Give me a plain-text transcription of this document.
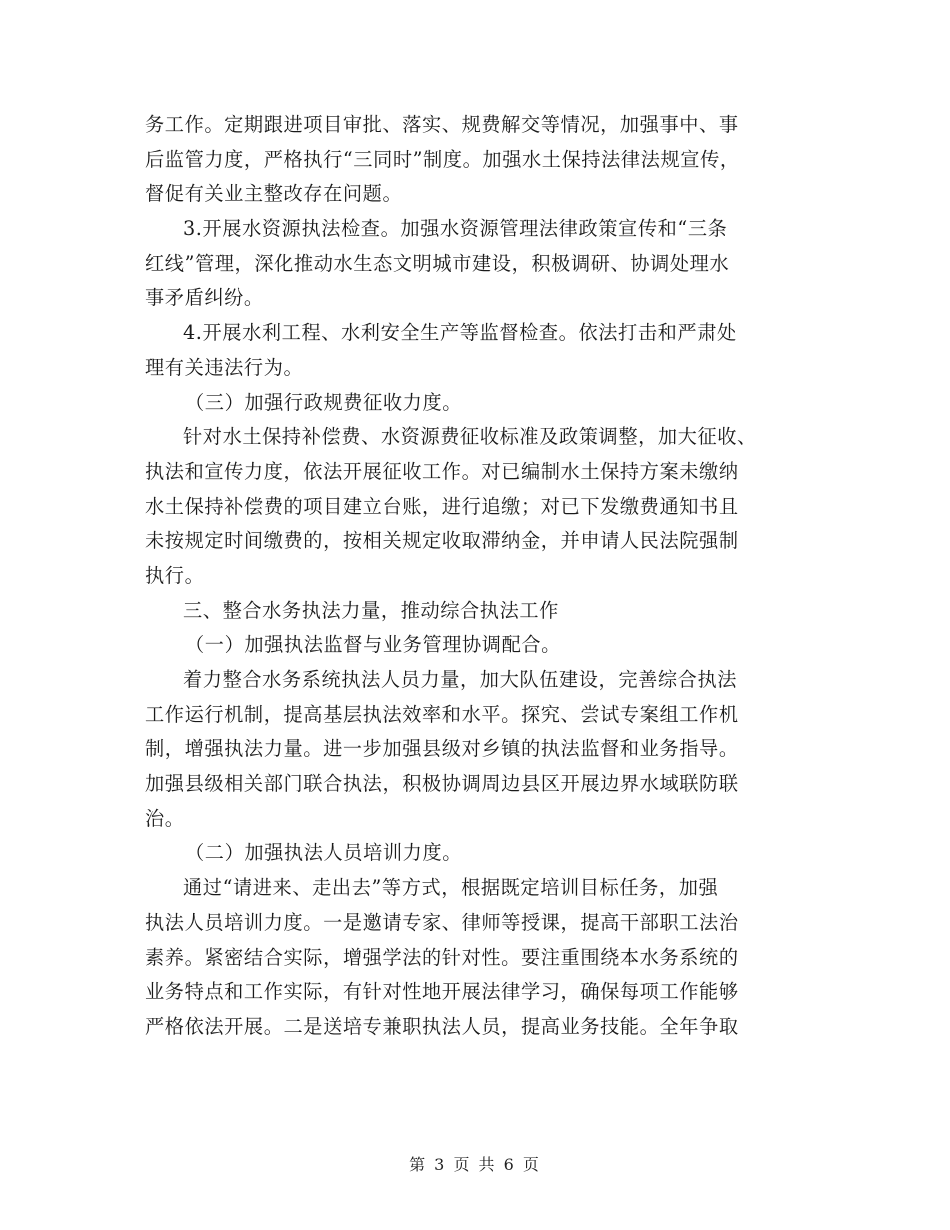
务工作。定期跟进项目审批、落实、规费解交等情况，加强事中、事
后监管力度，严格执行“三同时”制度。加强水土保持法律法规宣传，
督促有关业主整改存在问题。
3.开展水资源执法检查。加强水资源管理法律政策宣传和“三条
红线”管理，深化推动水生态文明城市建设，积极调研、协调处理水
事矛盾纠纷。
4.开展水利工程、水利安全生产等监督检查。依法打击和严肃处
理有关违法行为。
（三）加强行政规费征收力度。
针对水土保持补偿费、水资源费征收标准及政策调整，加大征收、
执法和宣传力度，依法开展征收工作。对已编制水土保持方案未缴纳
水土保持补偿费的项目建立台账，进行追缴；对已下发缴费通知书且
未按规定时间缴费的，按相关规定收取滞纳金，并申请人民法院强制
执行。
三、整合水务执法力量，推动综合执法工作
（一）加强执法监督与业务管理协调配合。
着力整合水务系统执法人员力量，加大队伍建设，完善综合执法
工作运行机制，提高基层执法效率和水平。探究、尝试专案组工作机
制，增强执法力量。进一步加强县级对乡镇的执法监督和业务指导。
加强县级相关部门联合执法，积极协调周边县区开展边界水域联防联
治。
（二）加强执法人员培训力度。
通过“请进来、走出去”等方式，根据既定培训目标任务，加强
执法人员培训力度。一是邀请专家、律师等授课，提高干部职工法治
素养。紧密结合实际，增强学法的针对性。要注重围绕本水务系统的
业务特点和工作实际，有针对性地开展法律学习，确保每项工作能够
严格依法开展。二是送培专兼职执法人员，提高业务技能。全年争取
第 3 页 共 6 页
